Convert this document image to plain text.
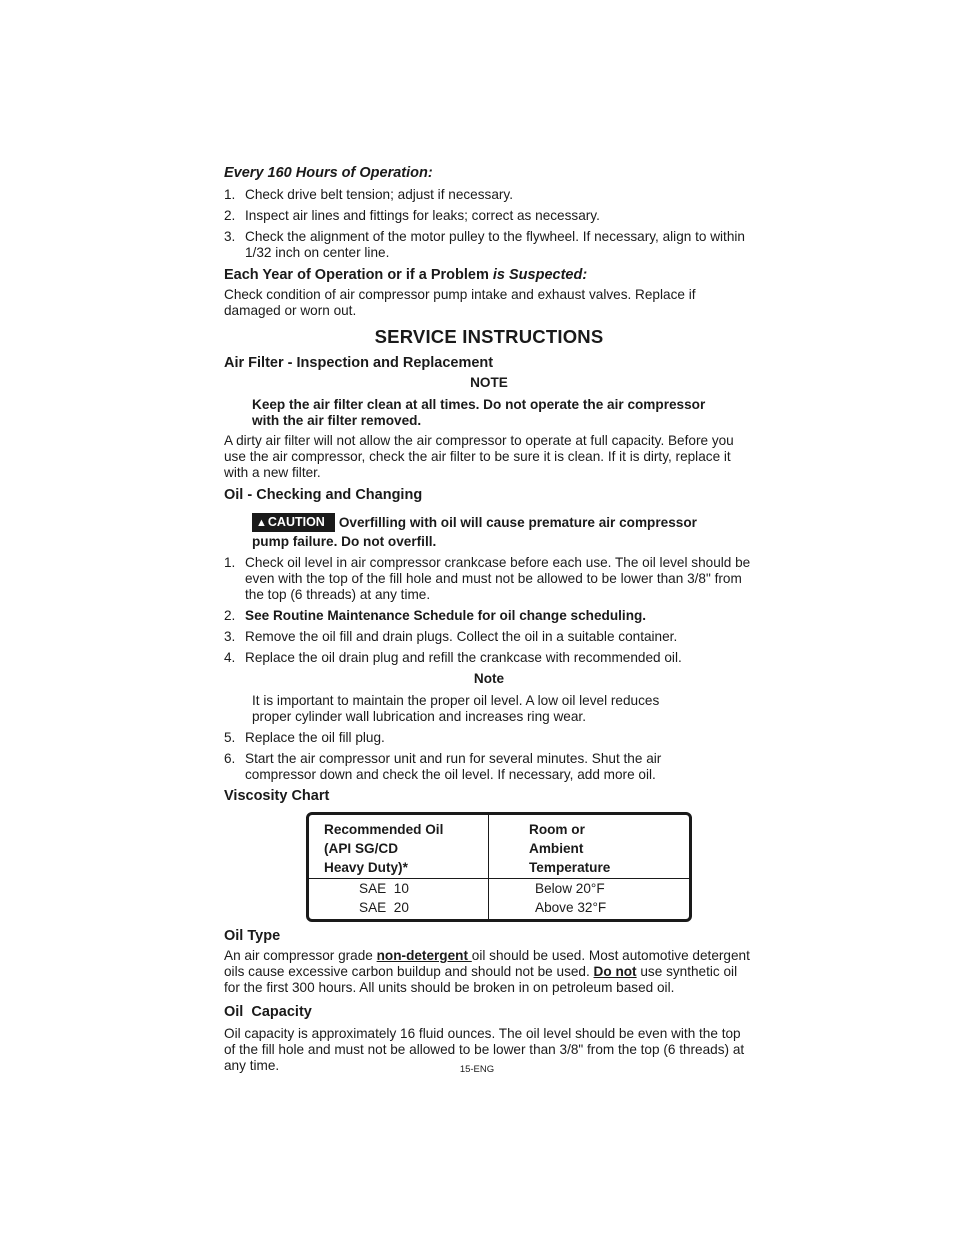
Every 160 Hours of Operation:
1. Check drive belt tension; adjust if necessary.
2. Inspect air lines and fittings for leaks; correct as necessary.
3. Check the alignment of the motor pulley to the flywheel. If necessary, align to within 1/32 inch on center line.
Each Year of Operation or if a Problem is Suspected:
Check condition of air compressor pump intake and exhaust valves. Replace if damaged or worn out.
SERVICE INSTRUCTIONS
Air Filter - Inspection and Replacement
NOTE
Keep the air filter clean at all times. Do not operate the air compressor with the air filter removed.
A dirty air filter will not allow the air compressor to operate at full capacity. Before you use the air compressor, check the air filter to be sure it is clean. If it is dirty, replace it with a new filter.
Oil - Checking and Changing
▲CAUTION Overfilling with oil will cause premature air compressor pump failure. Do not overfill.
1. Check oil level in air compressor crankcase before each use. The oil level should be even with the top of the fill hole and must not be allowed to be lower than 3/8" from the top (6 threads) at any time.
2. See Routine Maintenance Schedule for oil change scheduling.
3. Remove the oil fill and drain plugs. Collect the oil in a suitable container.
4. Replace the oil drain plug and refill the crankcase with recommended oil.
Note
It is important to maintain the proper oil level. A low oil level reduces proper cylinder wall lubrication and increases ring wear.
5. Replace the oil fill plug.
6. Start the air compressor unit and run for several minutes. Shut the air compressor down and check the oil level. If necessary, add more oil.
Viscosity Chart
Recommended Oil
(API SG/CD
Heavy Duty)*
Room or
Ambient
Temperature
SAE  10
SAE  20
Below 20°F
Above 32°F
Oil Type
An air compressor grade non-detergent oil should be used. Most automotive detergent oils cause excessive carbon buildup and should not be used. Do not use synthetic oil for the first 300 hours. All units should be broken in on petroleum based oil.
Oil  Capacity
Oil capacity is approximately 16 fluid ounces. The oil level should be even with the top of the fill hole and must not be allowed to be lower than 3/8" from the top (6 threads) at any time.	15-ENG
